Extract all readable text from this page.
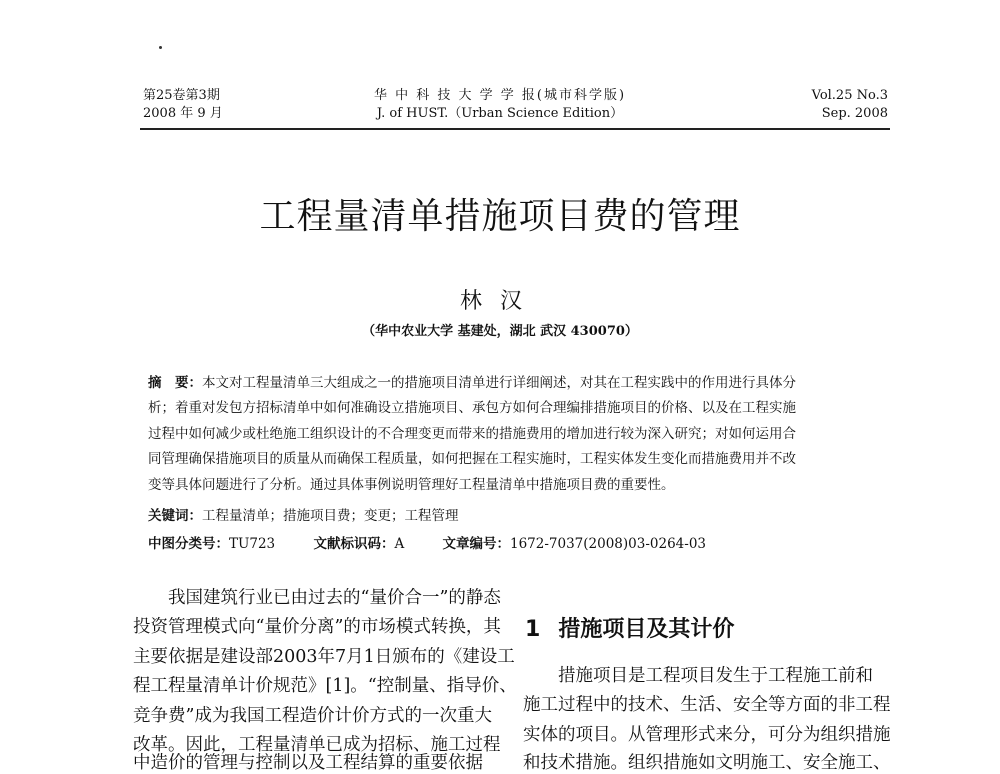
第25卷第3期
2008 年 9 月
华 中 科 技 大 学 学 报(城市科学版)
J. of HUST.（Urban Science Edition）
Vol.25 No.3
Sep. 2008
工程量清单措施项目费的管理
林汉
（华中农业大学 基建处，湖北 武汉 430070）
摘　要：本文对工程量清单三大组成之一的措施项目清单进行详细阐述，对其在工程实践中的作用进行具体分
析；着重对发包方招标清单中如何准确设立措施项目、承包方如何合理编排措施项目的价格、以及在工程实施
过程中如何减少或杜绝施工组织设计的不合理变更而带来的措施费用的增加进行较为深入研究；对如何运用合
同管理确保措施项目的质量从而确保工程质量，如何把握在工程实施时，工程实体发生变化而措施费用并不改
变等具体问题进行了分析。通过具体事例说明管理好工程量清单中措施项目费的重要性。
关键词：工程量清单；措施项目费；变更；工程管理
中图分类号：TU723	文献标识码：A	文章编号：1672-7037(2008)03-0264-03
　　我国建筑行业已由过去的“量价合一”的静态
投资管理模式向“量价分离”的市场模式转换，其
主要依据是建设部2003年7月1日颁布的《建设工
程工程量清单计价规范》[1]。“控制量、指导价、
竞争费”成为我国工程造价计价方式的一次重大
改革。因此，工程量清单已成为招标、施工过程
中造价的管理与控制以及工程结算的重要依据
1 措施项目及其计价
　　措施项目是工程项目发生于工程施工前和
施工过程中的技术、生活、安全等方面的非工程
实体的项目。从管理形式来分，可分为组织措施
和技术措施。组织措施如文明施工、安全施工、
